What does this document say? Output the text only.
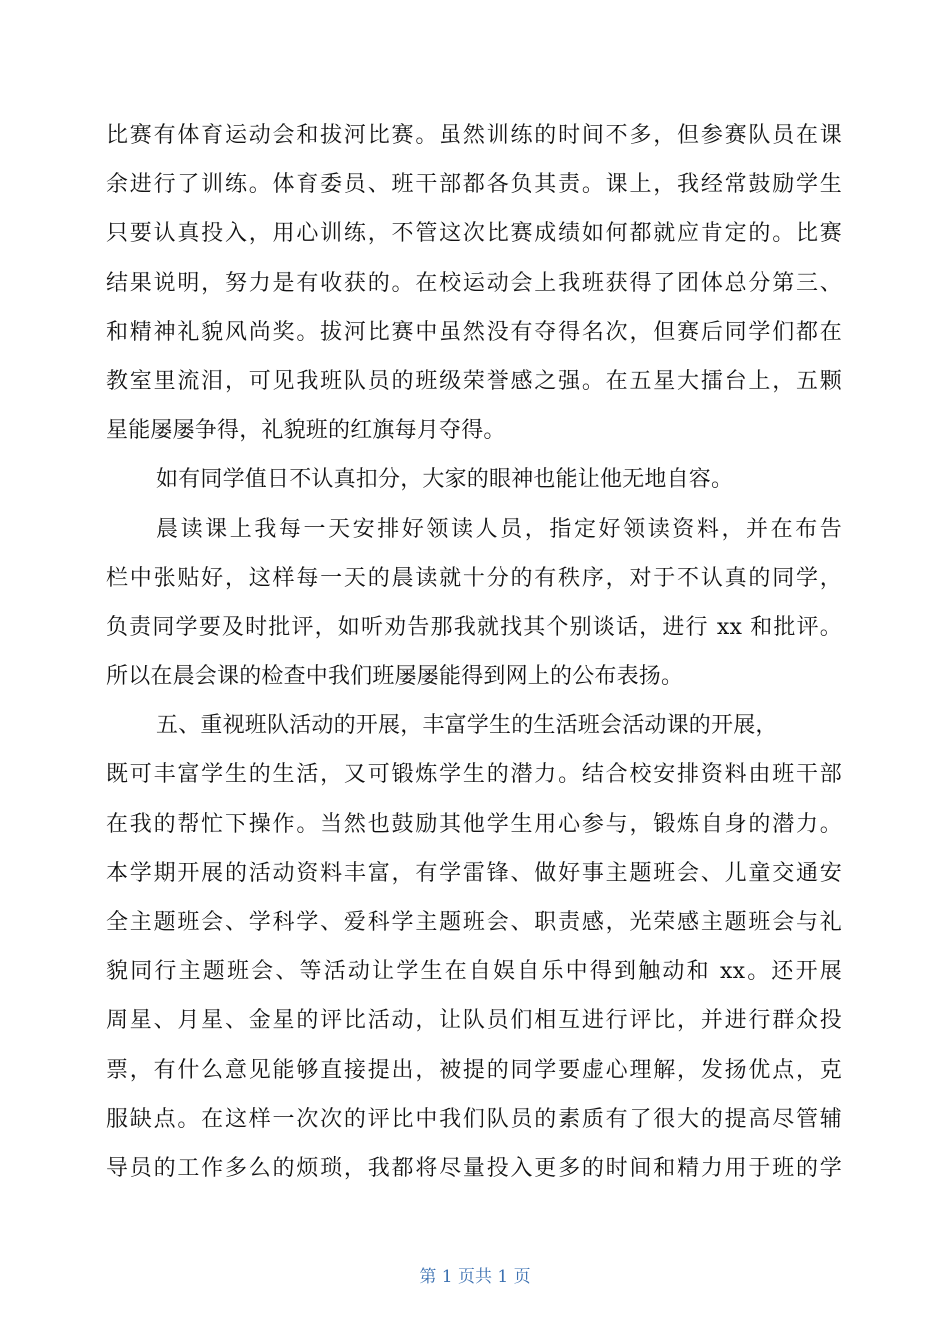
比赛有体育运动会和拔河比赛。虽然训练的时间不多，但参赛队员在课
余进行了训练。体育委员、班干部都各负其责。课上，我经常鼓励学生
只要认真投入，用心训练，不管这次比赛成绩如何都就应肯定的。比赛
结果说明，努力是有收获的。在校运动会上我班获得了团体总分第三、
和精神礼貌风尚奖。拔河比赛中虽然没有夺得名次，但赛后同学们都在
教室里流泪，可见我班队员的班级荣誉感之强。在五星大擂台上，五颗
星能屡屡争得，礼貌班的红旗每月夺得。
如有同学值日不认真扣分，大家的眼神也能让他无地自容。
晨读课上我每一天安排好领读人员，指定好领读资料，并在布告
栏中张贴好，这样每一天的晨读就十分的有秩序，对于不认真的同学，
负责同学要及时批评，如听劝告那我就找其个别谈话，进行 xx 和批评。
所以在晨会课的检查中我们班屡屡能得到网上的公布表扬。
五、重视班队活动的开展，丰富学生的生活班会活动课的开展，
既可丰富学生的生活，又可锻炼学生的潜力。结合校安排资料由班干部
在我的帮忙下操作。当然也鼓励其他学生用心参与，锻炼自身的潜力。
本学期开展的活动资料丰富，有学雷锋、做好事主题班会、儿童交通安
全主题班会、学科学、爱科学主题班会、职责感，光荣感主题班会与礼
貌同行主题班会、等活动让学生在自娱自乐中得到触动和 xx。还开展
周星、月星、金星的评比活动，让队员们相互进行评比，并进行群众投
票，有什么意见能够直接提出，被提的同学要虚心理解，发扬优点，克
服缺点。在这样一次次的评比中我们队员的素质有了很大的提高尽管辅
导员的工作多么的烦琐，我都将尽量投入更多的时间和精力用于班的学
第 1 页共 1 页
